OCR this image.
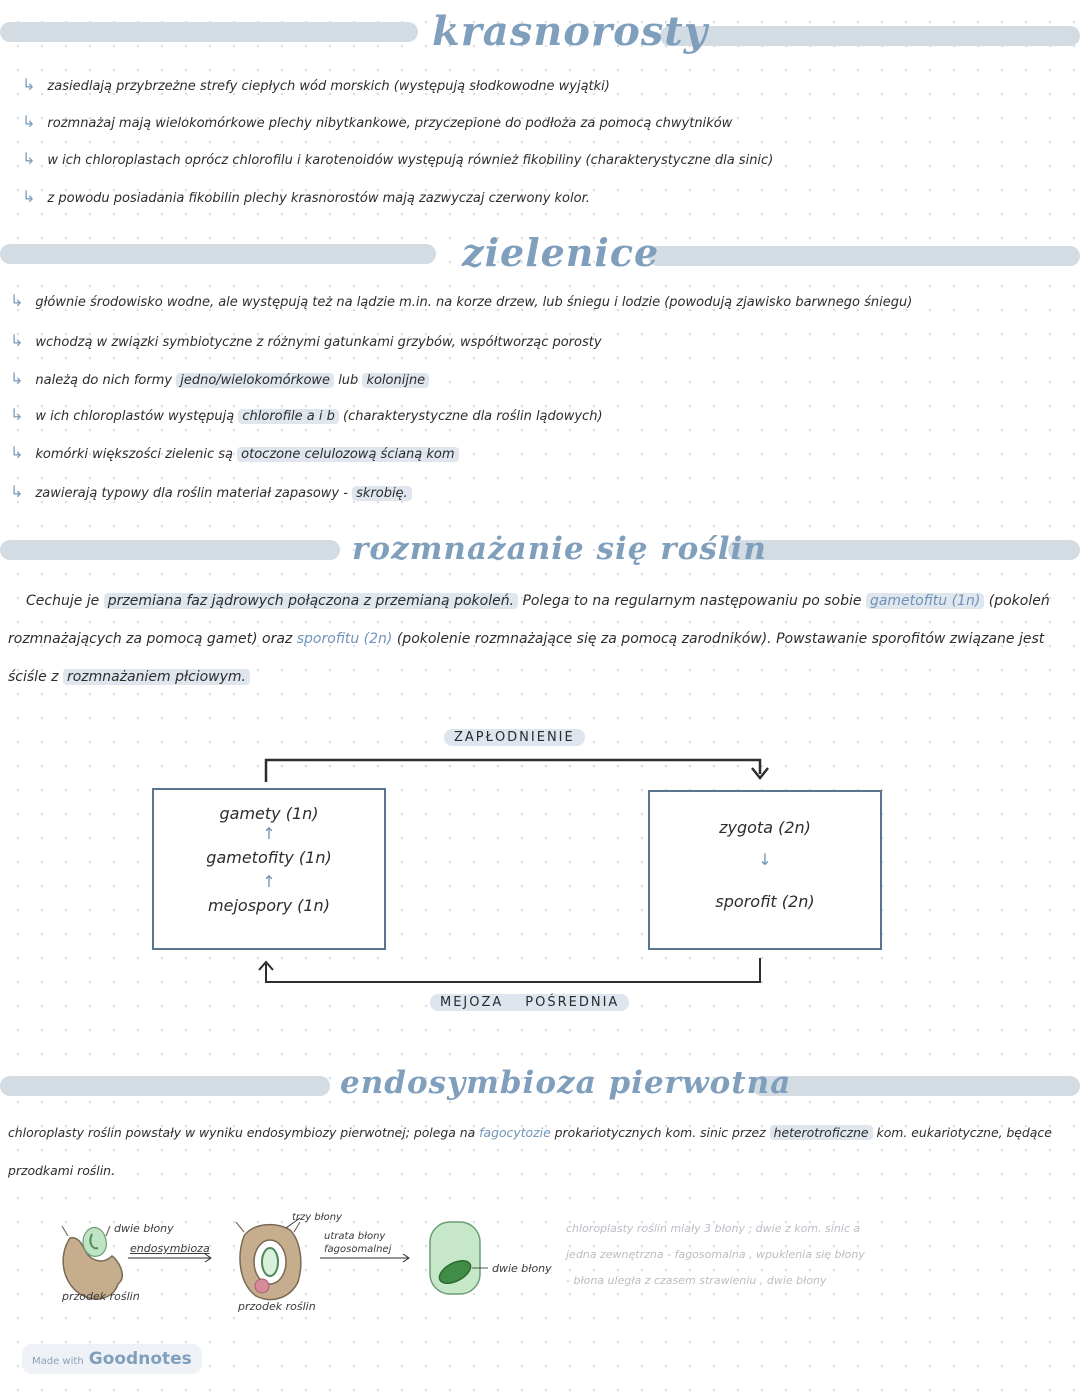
krasnorosty
↳ zasiedlają przybrzeżne strefy ciepłych wód morskich (występują słodkowodne wyjątki)
↳ rozmnażaj mają wielokomórkowe plechy nibytkankowe, przyczepione do podłoża za pomocą chwytników
↳ w ich chloroplastach oprócz chlorofilu i karotenoidów występują również fikobiliny (charakterystyczne dla sinic)
↳ z powodu posiadania fikobilin plechy krasnorostów mają zazwyczaj czerwony kolor.
zielenice
↳ głównie środowisko wodne, ale występują też na lądzie m.in. na korze drzew, lub śniegu i lodzie (powodują zjawisko barwnego śniegu)
↳ wchodzą w związki symbiotyczne z różnymi gatunkami grzybów, współtworząc porosty
↳ należą do nich formy jedno/wielokomórkowe lub kolonijne
↳ w ich chloroplastów występują chlorofile a i b (charakterystyczne dla roślin lądowych)
↳ komórki większości zielenic są otoczone celulozową ścianą kom
↳ zawierają typowy dla roślin materiał zapasowy - skrobię.
rozmnażanie się roślin
Cechuje je przemiana faz jądrowych połączona z przemianą pokoleń. Polega to na regularnym następowaniu po sobie gametofitu (1n) (pokoleń rozmnażających za pomocą gamet) oraz sporofitu (2n) (pokolenie rozmnażające się za pomocą zarodników). Powstawanie sporofitów związane jest ściśle z rozmnażaniem płciowym.
ZAPŁODNIENIE
gamety (1n)
↑
gametofity (1n)
↑
mejospory (1n)
zygota (2n)
↓
sporofit (2n)
MEJOZA POŚREDNIA
endosymbioza pierwotna
chloroplasty roślin powstały w wyniku endosymbiozy pierwotnej; polega na fagocytozie prokariotycznych kom. sinic przez heterotroficzne kom. eukariotyczne, będące przodkami roślin.
dwie błony
endosymbioza
przodek roślin
trzy błony
utrata błony fagosomalnej
przodek roślin
dwie błony
chloroplasty roślin miały 3 błony ; dwie z kom. sinic a jedna zewnętrzna - fagosomalna , wpuklenia się błony - błona uległa z czasem strawieniu , dwie błony
Made with Goodnotes
